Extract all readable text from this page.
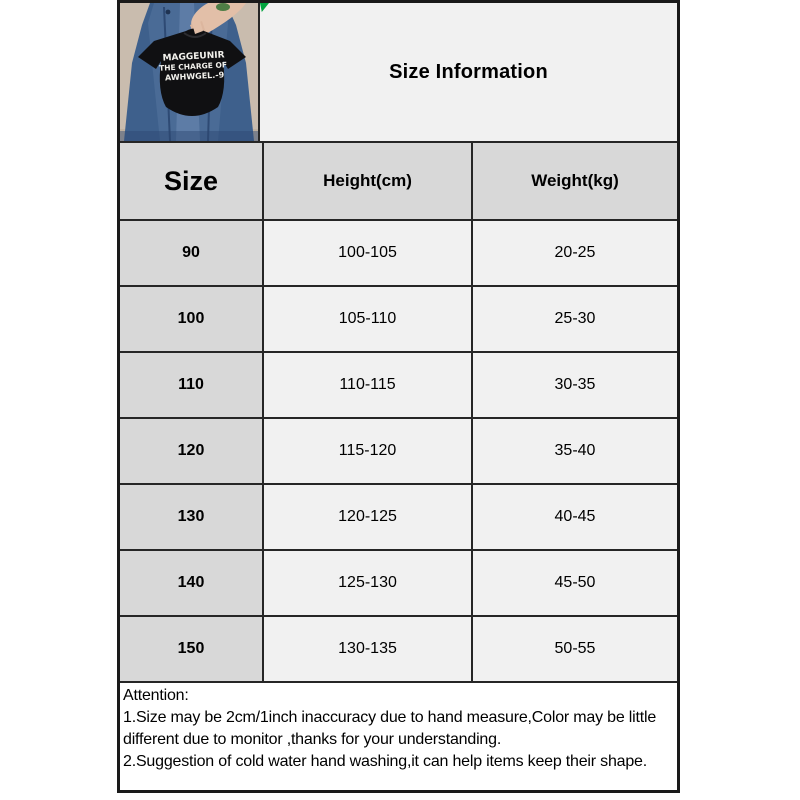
MAGGEUNIR
THE CHARGE OF
AWHWGEL.-9	Size Information
Size	Height(cm)	Weight(kg)
90	100-105	20-25
100	105-110	25-30
110	110-115	30-35
120	115-120	35-40
130	120-125	40-45
140	125-130	45-50
150	130-135	50-55
Attention:
1.Size may be 2cm/1inch inaccuracy due to hand measure,Color may be little different due to monitor ,thanks for your understanding.
2.Suggestion of cold water hand washing,it can help items keep their shape.
